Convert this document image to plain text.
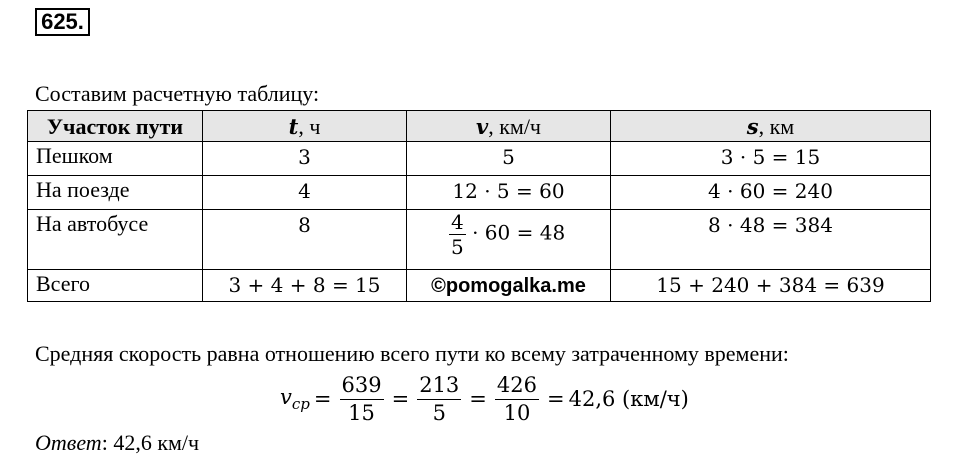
625.
Составим расчетную таблицу:
Участок пути	t, ч	v, км/ч	s, км
Пешком	3	5	3 · 5 = 15
На поезде	4	12 · 5 = 60	4 · 60 = 240
На автобусе	8	$\frac{4}{5} \cdot 60 = 48$	8 · 48 = 384
Всего	3 + 4 + 8 = 15	©pomogalka.me	15 + 240 + 384 = 639
Средняя скорость равна отношению всего пути ко всему затраченному времени:
$v_{ср} = \frac{639}{15} = \frac{213}{5} = \frac{426}{10} = 42,6$ (км/ч)
Ответ: 42,6 км/ч
